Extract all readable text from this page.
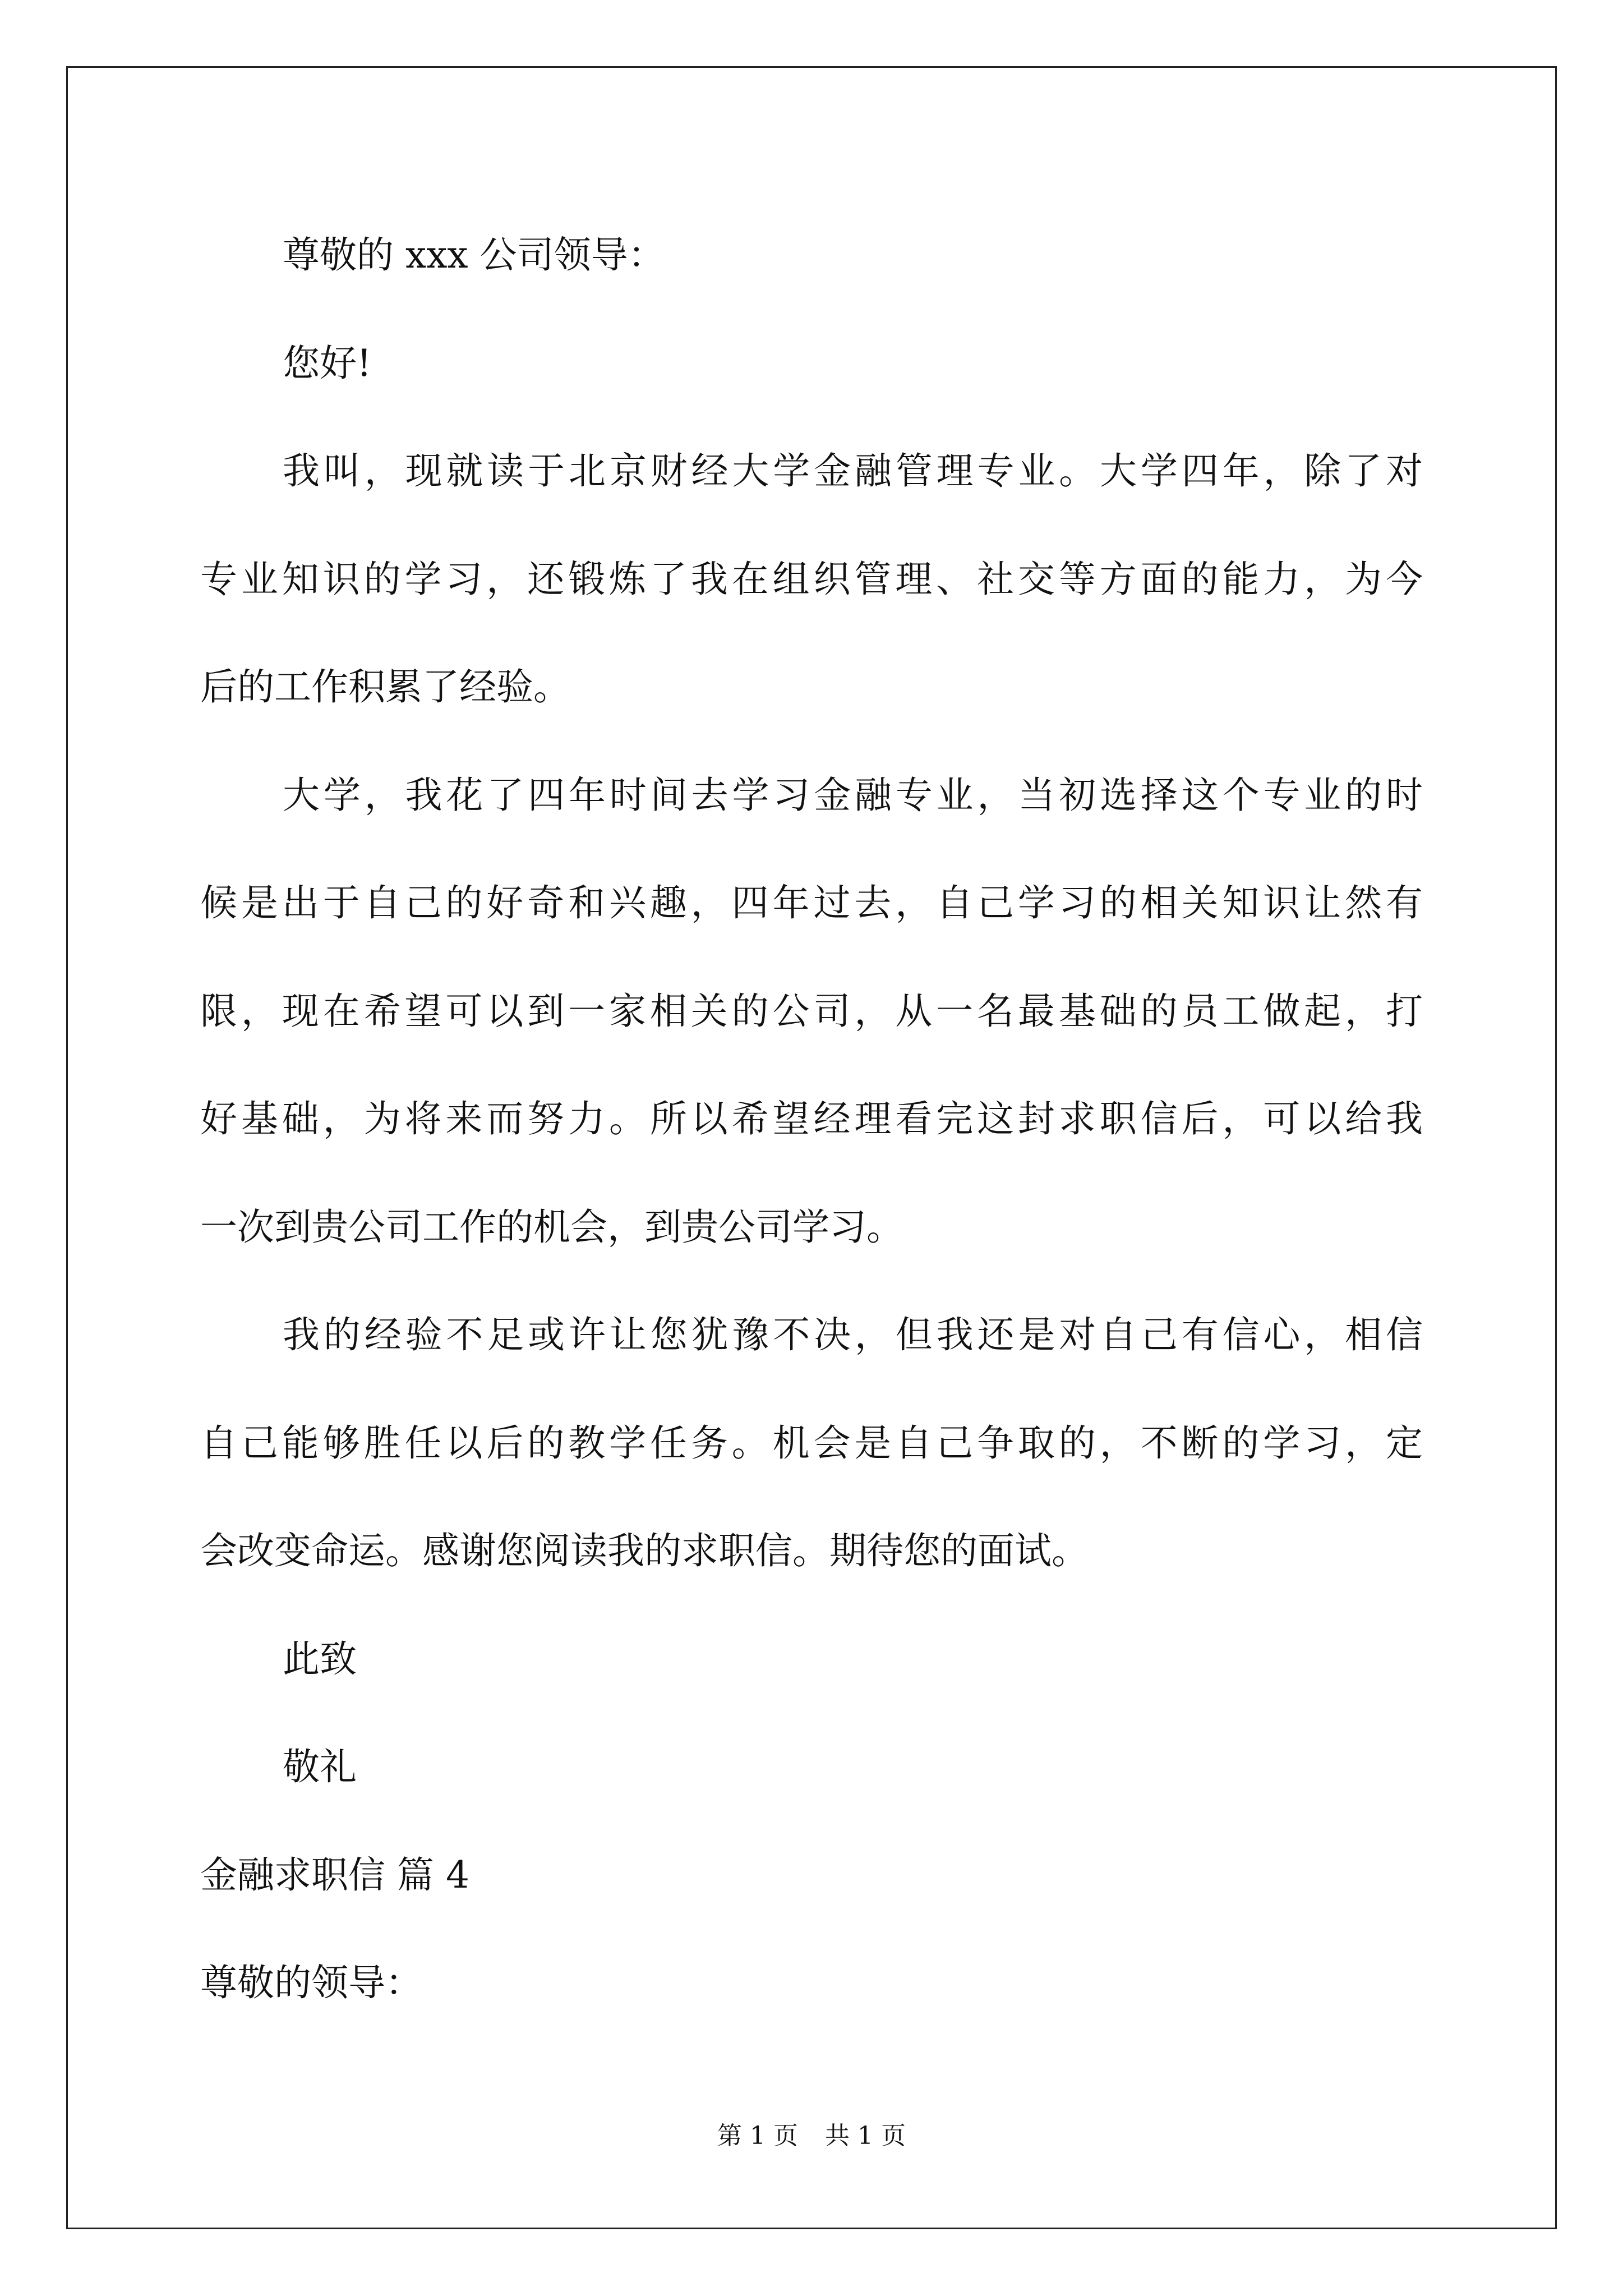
尊敬的 xxx 公司领导：
您好!
我叫，现就读于北京财经大学金融管理专业。大学四年，除了对
专业知识的学习，还锻炼了我在组织管理、社交等方面的能力，为今
后的工作积累了经验。
大学，我花了四年时间去学习金融专业，当初选择这个专业的时
候是出于自己的好奇和兴趣，四年过去，自己学习的相关知识让然有
限，现在希望可以到一家相关的公司，从一名最基础的员工做起，打
好基础，为将来而努力。所以希望经理看完这封求职信后，可以给我
一次到贵公司工作的机会，到贵公司学习。
我的经验不足或许让您犹豫不决，但我还是对自己有信心，相信
自己能够胜任以后的教学任务。机会是自己争取的，不断的学习，定
会改变命运。感谢您阅读我的求职信。期待您的面试。
此致
敬礼
金融求职信 篇 4
尊敬的领导：
第 1 页 共 1 页
